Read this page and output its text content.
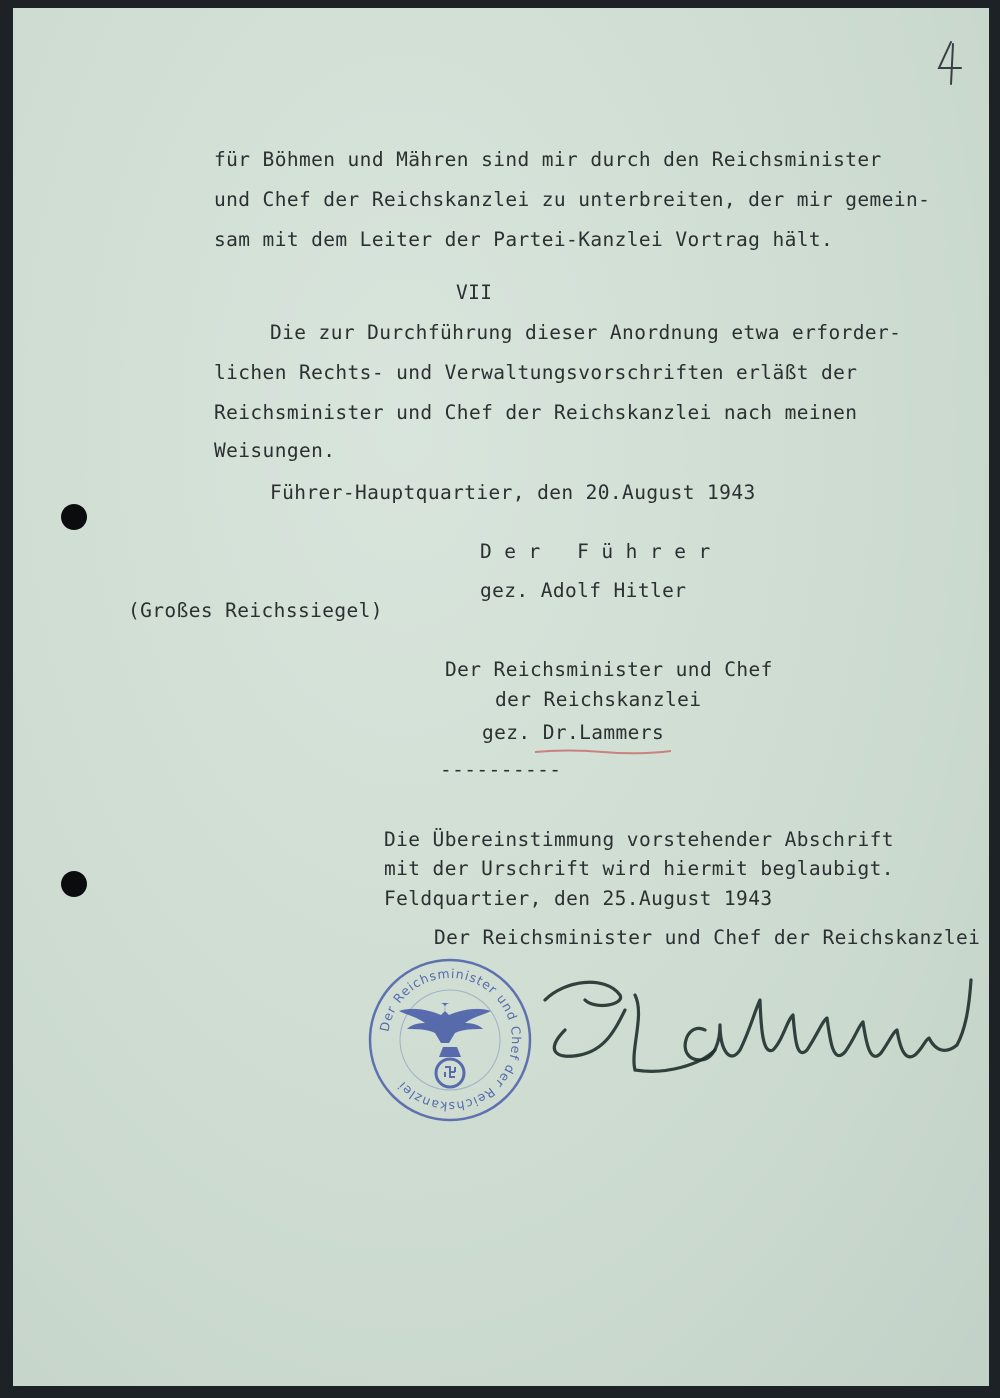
für Böhmen und Mähren sind mir durch den Reichsminister
und Chef der Reichskanzlei zu unterbreiten, der mir gemein-
sam mit dem Leiter der Partei-Kanzlei Vortrag hält.
VII
Die zur Durchführung dieser Anordnung etwa erforder-
lichen Rechts- und Verwaltungsvorschriften erläßt der
Reichsminister und Chef der Reichskanzlei nach meinen
Weisungen.
Führer-Hauptquartier, den 20.August 1943
D e r   F ü h r e r
gez. Adolf Hitler
(Großes Reichssiegel)
Der Reichsminister und Chef
der Reichskanzlei
gez. Dr.Lammers
----------
Die Übereinstimmung vorstehender Abschrift
mit der Urschrift wird hiermit beglaubigt.
Feldquartier, den 25.August 1943
Der Reichsminister und Chef der Reichskanzlei
Der Reichsminister und Chef der Reichskanzlei
